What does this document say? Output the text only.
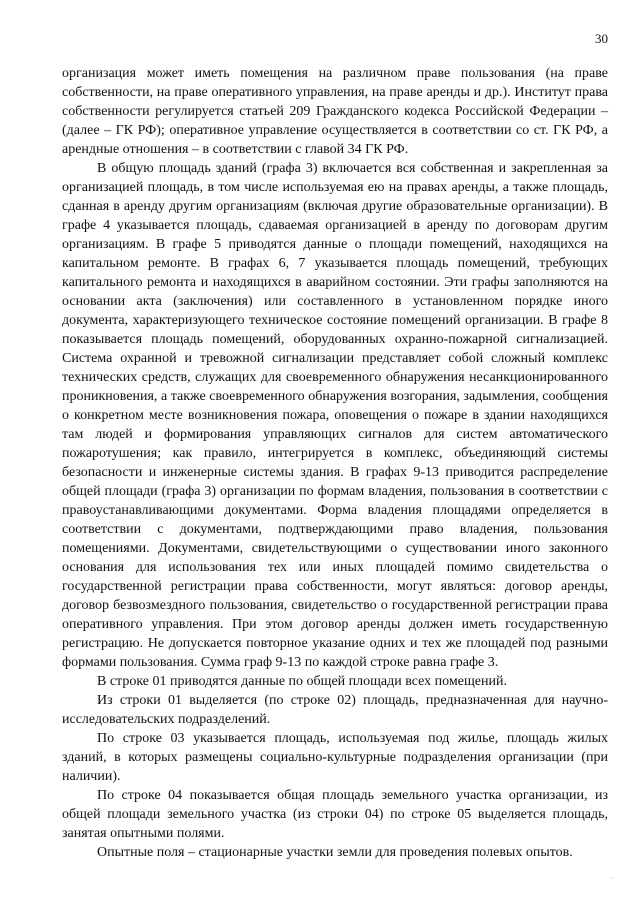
30

организация может иметь помещения на различном праве пользования (на праве собственности, на праве оперативного управления, на праве аренды и др.). Институт права собственности регулируется статьей 209 Гражданского кодекса Российской Федерации – (далее – ГК РФ); оперативное управление осуществляется в соответствии со ст. ГК РФ, а арендные отношения – в соответствии с главой 34 ГК РФ.

В общую площадь зданий (графа 3) включается вся собственная и закрепленная за организацией площадь, в том числе используемая ею на правах аренды, а также площадь, сданная в аренду другим организациям (включая другие образовательные организации). В графе 4 указывается площадь, сдаваемая организацией в аренду по договорам другим организациям. В графе 5 приводятся данные о площади помещений, находящихся на капитальном ремонте. В графах 6, 7 указывается площадь помещений, требующих капитального ремонта и находящихся в аварийном состоянии. Эти графы заполняются на основании акта (заключения) или составленного в установленном порядке иного документа, характеризующего техническое состояние помещений организации. В графе 8 показывается площадь помещений, оборудованных охранно-пожарной сигнализацией. Система охранной и тревожной сигнализации представляет собой сложный комплекс технических средств, служащих для своевременного обнаружения несанкционированного проникновения, а также своевременного обнаружения возгорания, задымления, сообщения о конкретном месте возникновения пожара, оповещения о пожаре в здании находящихся там людей и формирования управляющих сигналов для систем автоматического пожаротушения; как правило, интегрируется в комплекс, объединяющий системы безопасности и инженерные системы здания. В графах 9-13 приводится распределение общей площади (графа 3) организации по формам владения, пользования в соответствии с правоустанавливающими документами. Форма владения площадями определяется в соответствии с документами, подтверждающими право владения, пользования помещениями. Документами, свидетельствующими о существовании иного законного основания для использования тех или иных площадей помимо свидетельства о государственной регистрации права собственности, могут являться: договор аренды, договор безвозмездного пользования, свидетельство о государственной регистрации права оперативного управления. При этом договор аренды должен иметь государственную регистрацию. Не допускается повторное указание одних и тех же площадей под разными формами пользования. Сумма граф 9-13 по каждой строке равна графе 3.

В строке 01 приводятся данные по общей площади всех помещений.

Из строки 01 выделяется (по строке 02) площадь, предназначенная для научно-исследовательских подразделений.

По строке 03 указывается площадь, используемая под жилье, площадь жилых зданий, в которых размещены социально-культурные подразделения организации (при наличии).

По строке 04 показывается общая площадь земельного участка организации, из общей площади земельного участка (из строки 04) по строке 05 выделяется площадь, занятая опытными полями.

Опытные поля – стационарные участки земли для проведения полевых опытов.

·∙
